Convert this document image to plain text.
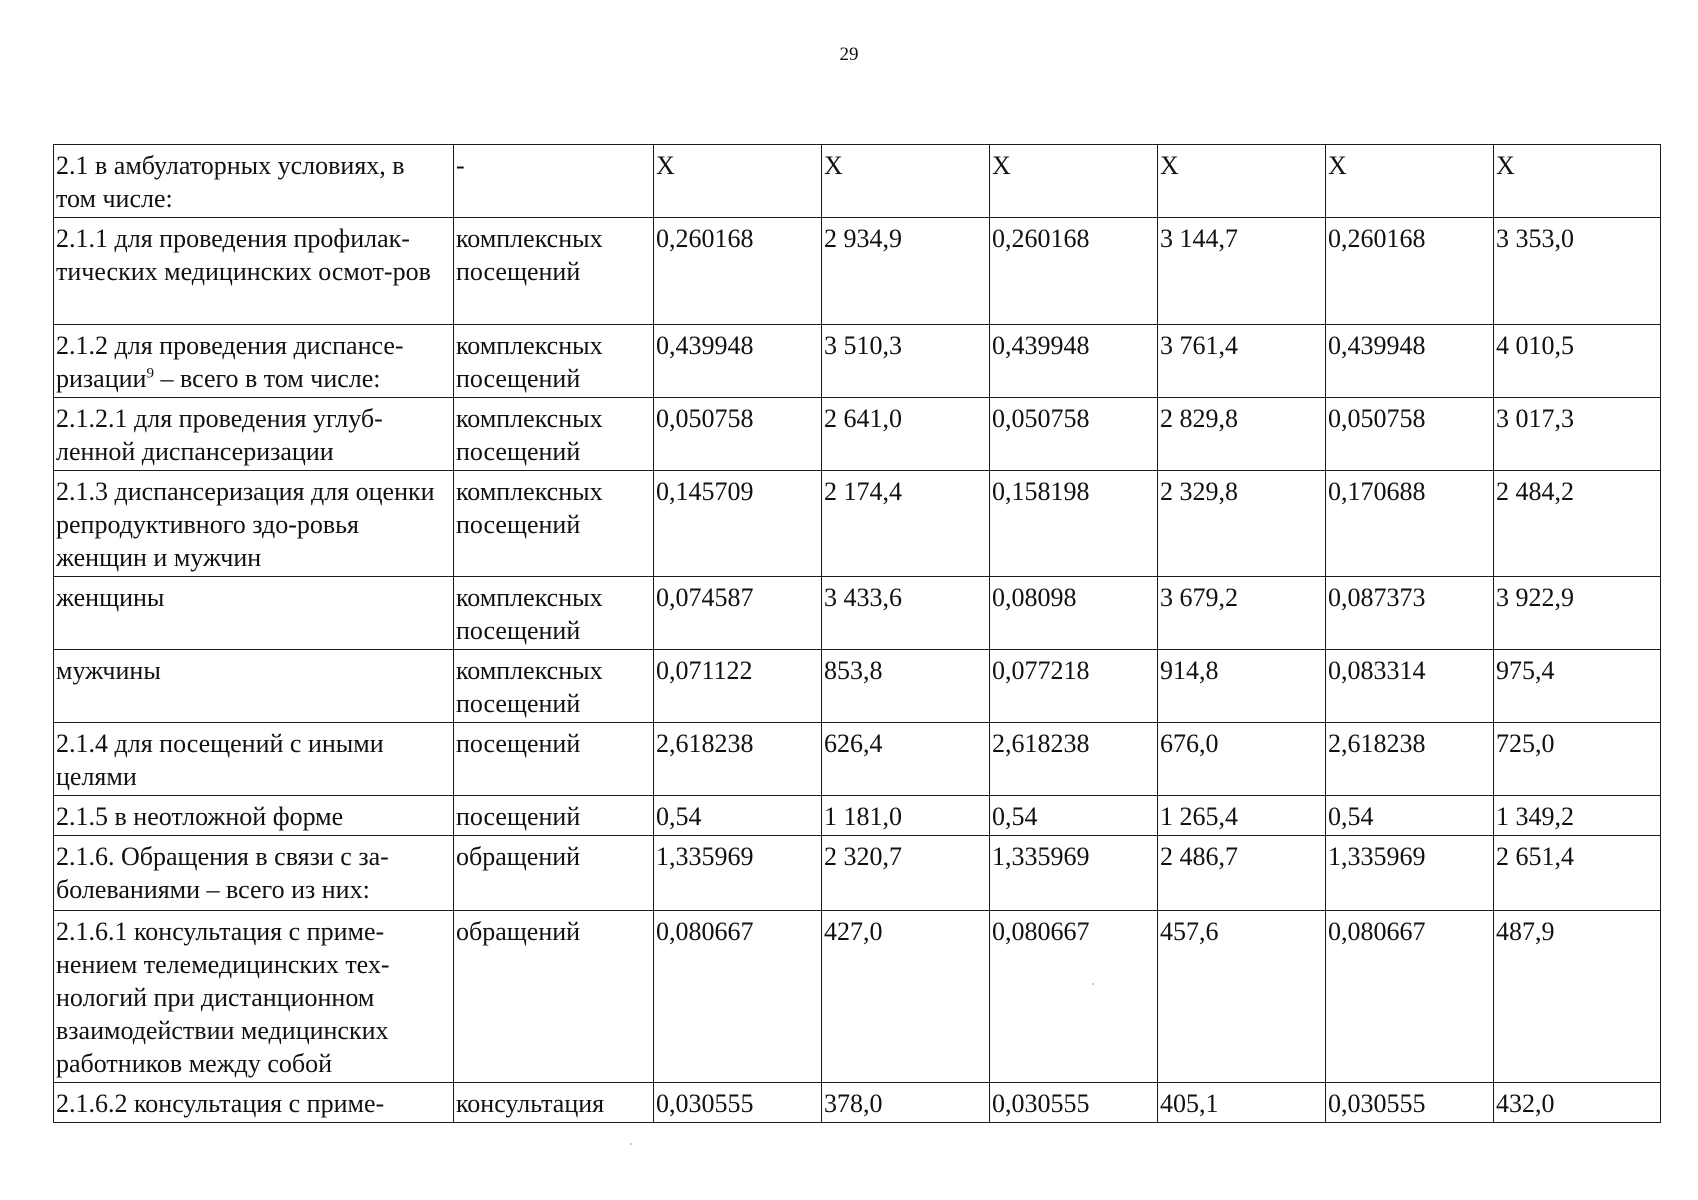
29
2.1 в амбулаторных условиях, в том числе:	-	X	X	X	X	X	X
2.1.1 для проведения профилак-тических медицинских осмот-ров	комплексных посещений	0,260168	2 934,9	0,260168	3 144,7	0,260168	3 353,0
2.1.2 для проведения диспансе-ризации$^9$ – всего в том числе:	комплексных посещений	0,439948	3 510,3	0,439948	3 761,4	0,439948	4 010,5
2.1.2.1 для проведения углуб-ленной диспансеризации	комплексных посещений	0,050758	2 641,0	0,050758	2 829,8	0,050758	3 017,3
2.1.3 диспансеризация для оценки репродуктивного здо-ровья женщин и мужчин	комплексных посещений	0,145709	2 174,4	0,158198	2 329,8	0,170688	2 484,2
женщины	комплексных посещений	0,074587	3 433,6	0,08098	3 679,2	0,087373	3 922,9
мужчины	комплексных посещений	0,071122	853,8	0,077218	914,8	0,083314	975,4
2.1.4 для посещений с иными целями	посещений	2,618238	626,4	2,618238	676,0	2,618238	725,0
2.1.5 в неотложной форме	посещений	0,54	1 181,0	0,54	1 265,4	0,54	1 349,2
2.1.6. Обращения в связи с за-болеваниями – всего из них:	обращений	1,335969	2 320,7	1,335969	2 486,7	1,335969	2 651,4
2.1.6.1 консультация с приме-нением телемедицинских тех-нологий при дистанционном взаимодействии медицинских работников между собой	обращений	0,080667	427,0	0,080667	457,6	0,080667	487,9
2.1.6.2 консультация с приме-	консультация	0,030555	378,0	0,030555	405,1	0,030555	432,0
